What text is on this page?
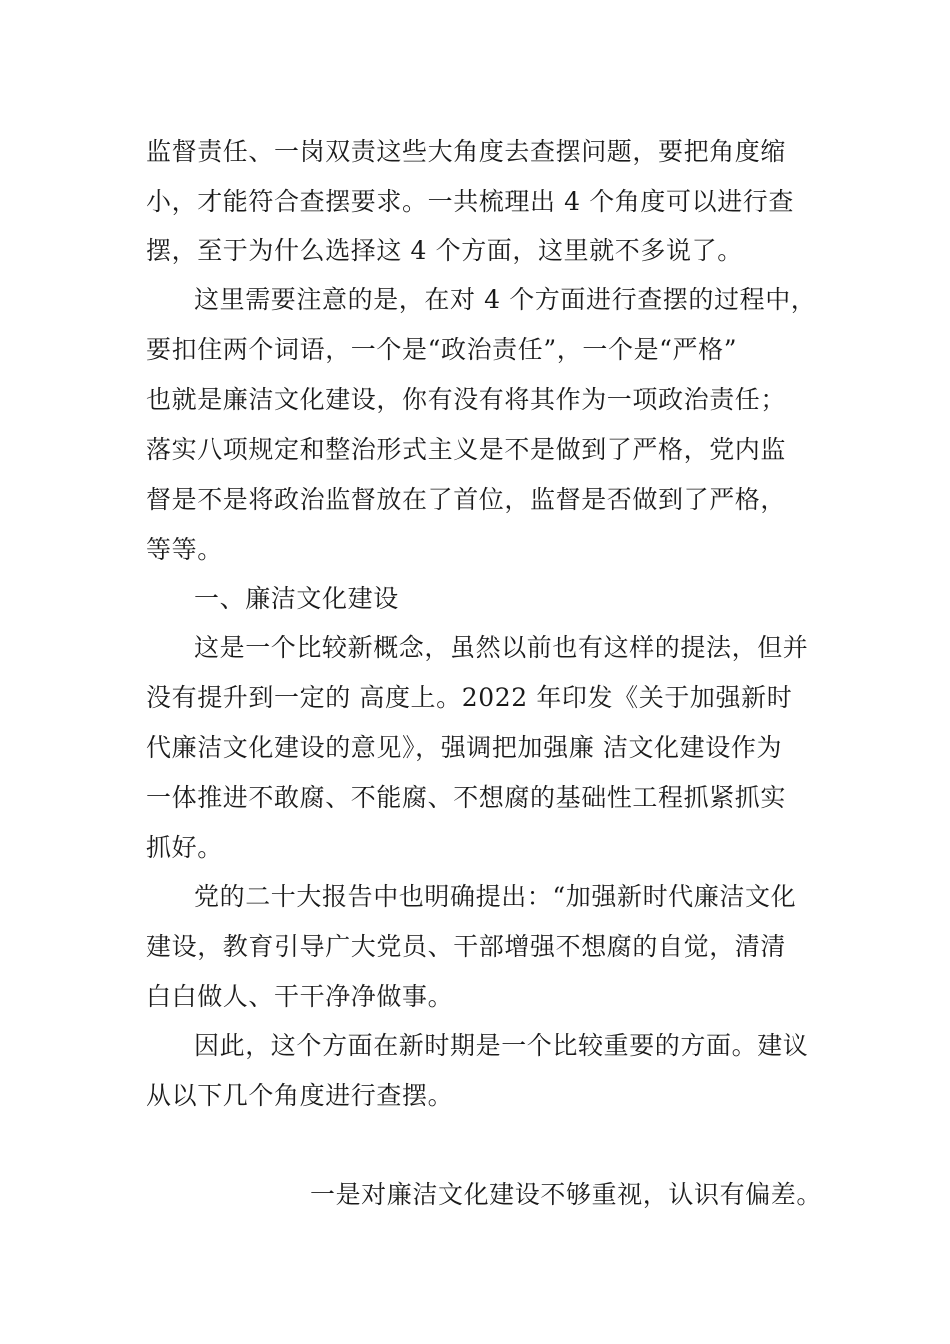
监督责任、一岗双责这些大角度去查摆问题，要把角度缩
小，才能符合查摆要求。一共梳理出 4 个角度可以进行查
摆，至于为什么选择这 4 个方面，这里就不多说了。
这里需要注意的是，在对 4 个方面进行查摆的过程中，
要扣住两个词语，一个是“政治责任”，一个是“严格”
也就是廉洁文化建设，你有没有将其作为一项政治责任；
落实八项规定和整治形式主义是不是做到了严格，党内监
督是不是将政治监督放在了首位，监督是否做到了严格，
等等。
一、廉洁文化建设
这是一个比较新概念，虽然以前也有这样的提法，但并
没有提升到一定的 高度上。2022 年印发《关于加强新时
代廉洁文化建设的意见》，强调把加强廉 洁文化建设作为
一体推进不敢腐、不能腐、不想腐的基础性工程抓紧抓实
抓好。
党的二十大报告中也明确提出：“加强新时代廉洁文化
建设，教育引导广大党员、干部增强不想腐的自觉，清清
白白做人、干干净净做事。
因此，这个方面在新时期是一个比较重要的方面。建议
从以下几个角度进行查摆。
一是对廉洁文化建设不够重视，认识有偏差。
